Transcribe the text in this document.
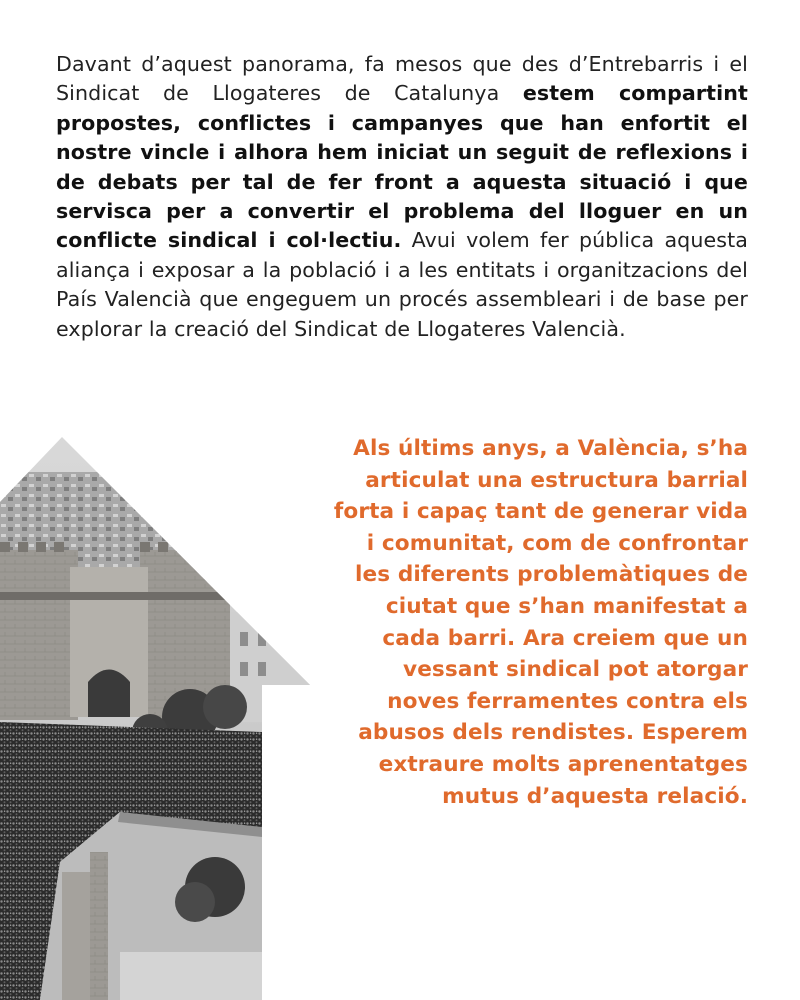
Davant d’aquest panorama, fa mesos que des d’Entrebarris i el Sindicat de Llogateres de Catalunya estem compartint propostes, conflictes i campanyes que han enfortit el nostre vincle i alhora hem iniciat un seguit de reflexions i de debats per tal de fer front a aquesta situació i que servisca per a convertir el problema del lloguer en un conflicte sindical i col·lectiu. Avui volem fer pública aquesta aliança i exposar a la població i a les entitats i organitzacions del País Valencià que engeguem un procés assembleari i de base per explorar la creació del Sindicat de Llogateres Valencià.

Als últims anys, a València, s’ha
articulat una estructura barrial
forta i capaç tant de generar vida
i comunitat, com de confrontar
les diferents problemàtiques de
ciutat que s’han manifestat a
cada barri. Ara creiem que un
vessant sindical pot atorgar
noves ferramentes contra els
abusos dels rendistes. Esperem
extraure molts aprenentatges
mutus d’aquesta relació.
